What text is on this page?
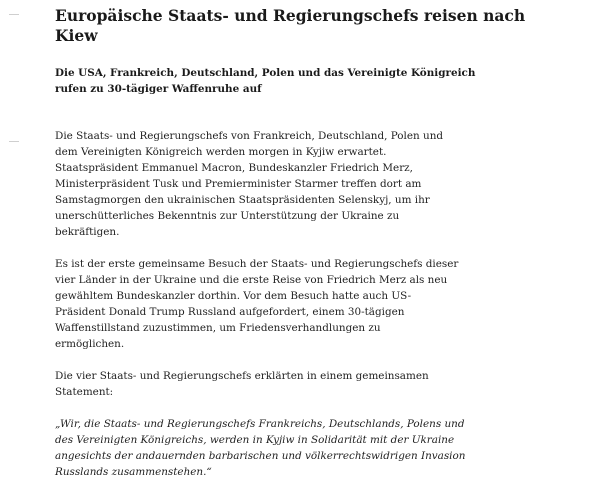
Europäische Staats- und Regierungschefs reisen nach
Kiew

Die USA, Frankreich, Deutschland, Polen und das Vereinigte Königreich
rufen zu 30-tägiger Waffenruhe auf

Die Staats- und Regierungschefs von Frankreich, Deutschland, Polen und
dem Vereinigten Königreich werden morgen in Kyjiw erwartet.
Staatspräsident Emmanuel Macron, Bundeskanzler Friedrich Merz,
Ministerpräsident Tusk und Premierminister Starmer treffen dort am
Samstagmorgen den ukrainischen Staatspräsidenten Selenskyj, um ihr
unerschütterliches Bekenntnis zur Unterstützung der Ukraine zu
bekräftigen.

Es ist der erste gemeinsame Besuch der Staats- und Regierungschefs dieser
vier Länder in der Ukraine und die erste Reise von Friedrich Merz als neu
gewähltem Bundeskanzler dorthin. Vor dem Besuch hatte auch US-
Präsident Donald Trump Russland aufgefordert, einem 30-tägigen
Waffenstillstand zuzustimmen, um Friedensverhandlungen zu
ermöglichen.

Die vier Staats- und Regierungschefs erklärten in einem gemeinsamen
Statement:

„Wir, die Staats- und Regierungschefs Frankreichs, Deutschlands, Polens und
des Vereinigten Königreichs, werden in Kyjiw in Solidarität mit der Ukraine
angesichts der andauernden barbarischen und völkerrechtswidrigen Invasion
Russlands zusammenstehen.“
